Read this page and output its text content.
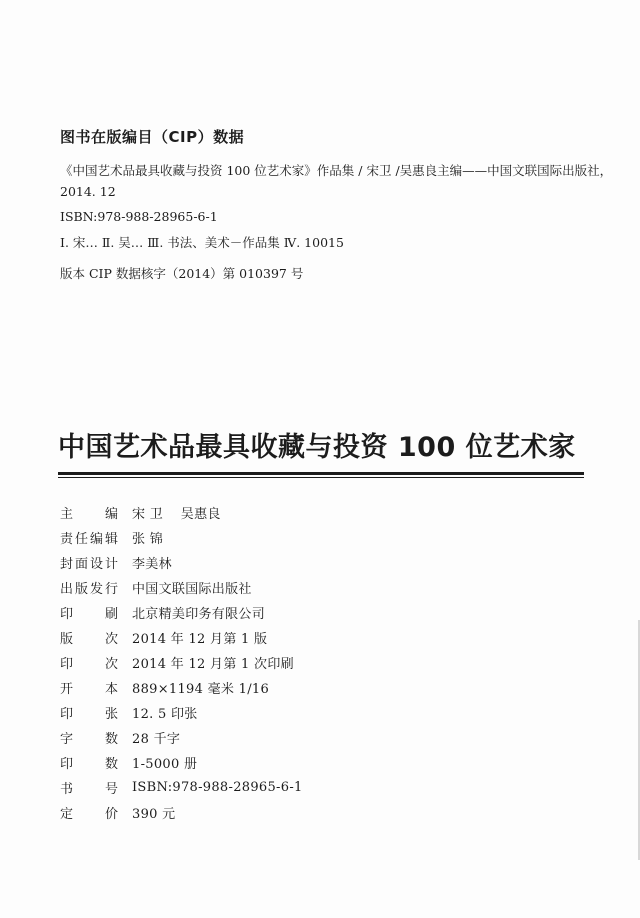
图书在版编目（CIP）数据
《中国艺术品最具收藏与投资 100 位艺术家》作品集 / 宋卫 /吴惠良主编——中国文联国际出版社，2014. 12
ISBN:978-988-28965-6-1
Ⅰ. 宋… Ⅱ. 吴… Ⅲ. 书法、美术－作品集 Ⅳ. 10015
版本 CIP 数据核字（2014）第 010397 号
中国艺术品最具收藏与投资 100 位艺术家
主 编 宋 卫　 吴惠良
责 任 编 辑 张 锦
封 面 设 计 李美林
出 版 发 行 中国文联国际出版社
印 刷 北京精美印务有限公司
版 次 2014 年 12 月第 1 版
印 次 2014 年 12 月第 1 次印刷
开 本 889×1194 毫米 1/16
印 张 12. 5 印张
字 数 28 千字
印 数 1-5000 册
书 号 ISBN:978-988-28965-6-1
定 价 390 元
